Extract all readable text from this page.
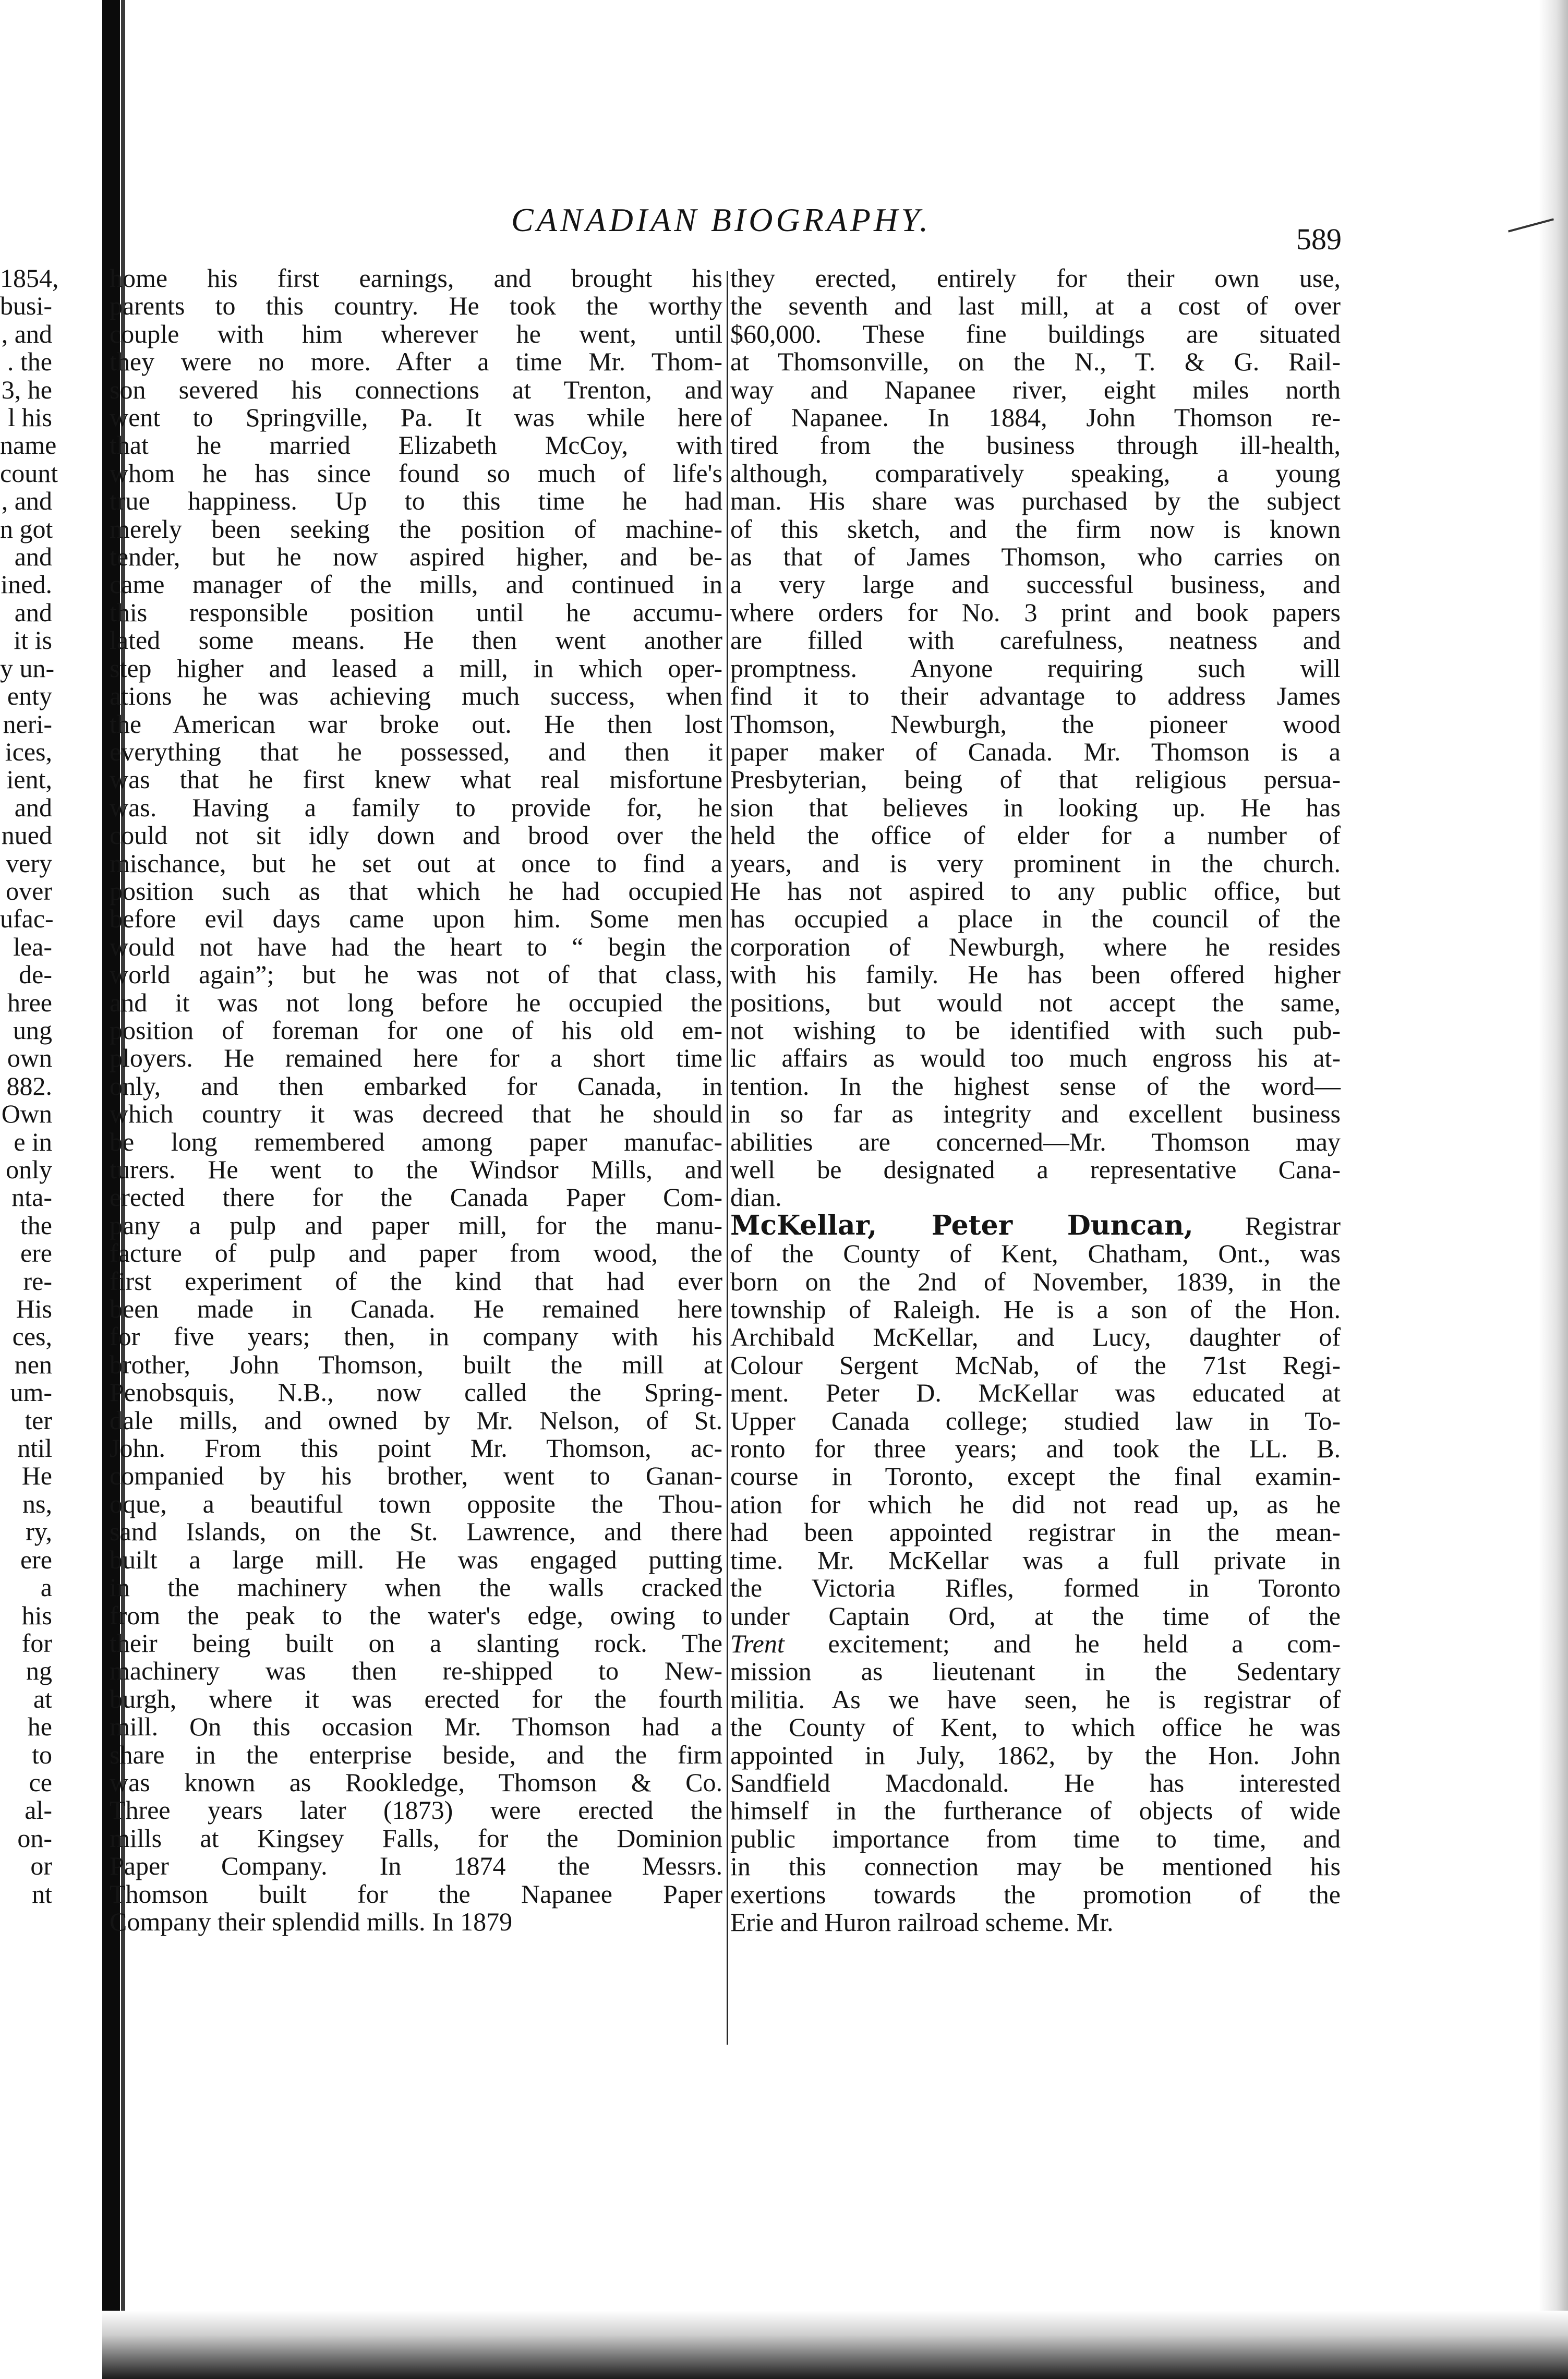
CANADIAN BIOGRAPHY.
589
1854,
busi-
, and
. the
3, he
l his
name
count
, and
n got
and
ined.
and
it is
y un-
enty
neri-
ices,
ient,
and
nued
very
over
ufac-
lea-
de-
hree
ung
own
882.
Own
e in
only
nta-
the
ere
re-
His
ces,
nen
um-
ter
ntil
He
ns,
ry,
ere
a
his
for
ng
at
he
to
ce
al-
on-
or
nt
home his first earnings, and brought his
parents to this country. He took the worthy
couple with him wherever he went, until
they were no more. After a time Mr. Thom-
son severed his connections at Trenton, and
went to Springville, Pa. It was while here
that he married Elizabeth McCoy, with
whom he has since found so much of life's
true happiness. Up to this time he had
merely been seeking the position of machine-
tender, but he now aspired higher, and be-
came manager of the mills, and continued in
this responsible position until he accumu-
lated some means. He then went another
step higher and leased a mill, in which oper-
ations he was achieving much success, when
the American war broke out. He then lost
everything that he possessed, and then it
was that he first knew what real misfortune
was. Having a family to provide for, he
could not sit idly down and brood over the
mischance, but he set out at once to find a
position such as that which he had occupied
before evil days came upon him. Some men
would not have had the heart to “ begin the
world again”; but he was not of that class,
and it was not long before he occupied the
position of foreman for one of his old em-
ployers. He remained here for a short time
only, and then embarked for Canada, in
which country it was decreed that he should
be long remembered among paper manufac-
turers. He went to the Windsor Mills, and
erected there for the Canada Paper Com-
pany a pulp and paper mill, for the manu-
facture of pulp and paper from wood, the
first experiment of the kind that had ever
been made in Canada. He remained here
for five years; then, in company with his
brother, John Thomson, built the mill at
Penobsquis, N.B., now called the Spring-
dale mills, and owned by Mr. Nelson, of St.
John. From this point Mr. Thomson, ac-
companied by his brother, went to Ganan-
oque, a beautiful town opposite the Thou-
sand Islands, on the St. Lawrence, and there
built a large mill. He was engaged putting
in the machinery when the walls cracked
from the peak to the water's edge, owing to
their being built on a slanting rock. The
machinery was then re-shipped to New-
burgh, where it was erected for the fourth
mill. On this occasion Mr. Thomson had a
share in the enterprise beside, and the firm
was known as Rookledge, Thomson & Co.
Three years later (1873) were erected the
mills at Kingsey Falls, for the Dominion
Paper Company. In 1874 the Messrs.
Thomson built for the Napanee Paper
Company their splendid mills. In 1879
they erected, entirely for their own use,
the seventh and last mill, at a cost of over
$60,000. These fine buildings are situated
at Thomsonville, on the N., T. & G. Rail-
way and Napanee river, eight miles north
of Napanee. In 1884, John Thomson re-
tired from the business through ill-health,
although, comparatively speaking, a young
man. His share was purchased by the subject
of this sketch, and the firm now is known
as that of James Thomson, who carries on
a very large and successful business, and
where orders for No. 3 print and book papers
are filled with carefulness, neatness and
promptness. Anyone requiring such will
find it to their advantage to address James
Thomson, Newburgh, the pioneer wood
paper maker of Canada. Mr. Thomson is a
Presbyterian, being of that religious persua-
sion that believes in looking up. He has
held the office of elder for a number of
years, and is very prominent in the church.
He has not aspired to any public office, but
has occupied a place in the council of the
corporation of Newburgh, where he resides
with his family. He has been offered higher
positions, but would not accept the same,
not wishing to be identified with such pub-
lic affairs as would too much engross his at-
tention. In the highest sense of the word—
in so far as integrity and excellent business
abilities are concerned—Mr. Thomson may
well be designated a representative Cana-
dian.
McKellar, Peter Duncan, Registrar
of the County of Kent, Chatham, Ont., was
born on the 2nd of November, 1839, in the
township of Raleigh. He is a son of the Hon.
Archibald McKellar, and Lucy, daughter of
Colour Sergent McNab, of the 71st Regi-
ment. Peter D. McKellar was educated at
Upper Canada college; studied law in To-
ronto for three years; and took the LL. B.
course in Toronto, except the final examin-
ation for which he did not read up, as he
had been appointed registrar in the mean-
time. Mr. McKellar was a full private in
the Victoria Rifles, formed in Toronto
under Captain Ord, at the time of the
Trent excitement; and he held a com-
mission as lieutenant in the Sedentary
militia. As we have seen, he is registrar of
the County of Kent, to which office he was
appointed in July, 1862, by the Hon. John
Sandfield Macdonald. He has interested
himself in the furtherance of objects of wide
public importance from time to time, and
in this connection may be mentioned his
exertions towards the promotion of the
Erie and Huron railroad scheme. Mr.
